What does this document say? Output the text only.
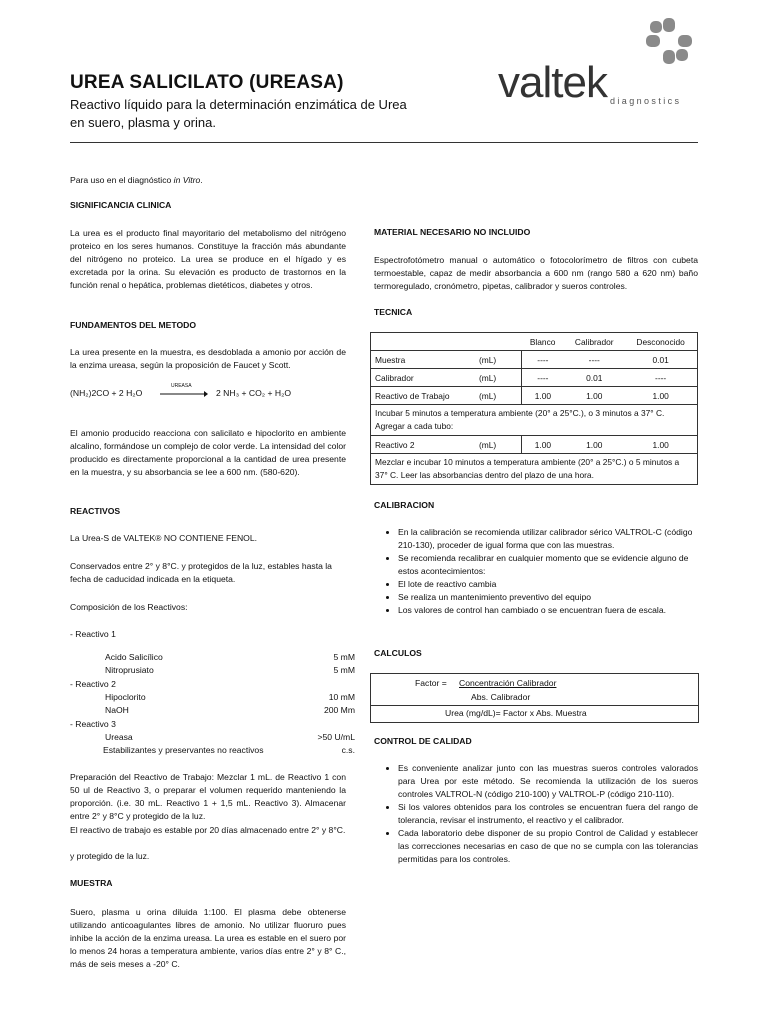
UREA SALICILATO (UREASA)
Reactivo líquido para la determinación enzimática de Urea
en suero, plasma y orina.
valtek diagnostics

Para uso en el diagnóstico in Vitro.

SIGNIFICANCIA CLINICA
La urea es el producto final mayoritario del metabolismo del nitrógeno proteico en los seres humanos. Constituye la fracción más abundante del nitrógeno no proteico. La urea se produce en el hígado y es excretada por la orina. Su elevación es producto de trastornos en la función renal o hepática, problemas dietéticos, diabetes y otros.
FUNDAMENTOS DEL METODO
La urea presente en la muestra, es desdoblada a amonio por acción de la enzima ureasa, según la proposición de Faucet y Scott.
(NH₂)2CO + 2 H₂O
UREASA
→ 2 NH₃ + CO₂ + H₂O
El amonio producido reacciona con salicilato e hipoclorito en ambiente alcalino, formándose un complejo de color verde. La intensidad del color producido es directamente proporcional a la cantidad de urea presente en la muestra, y su absorbancia se lee a 600 nm. (580-620).
REACTIVOS
La Urea-S de VALTEK® NO CONTIENE FENOL.
Conservados entre 2° y 8°C. y protegidos de la luz, estables hasta la fecha de caducidad indicada en la etiqueta.
Composición de los Reactivos:
- Reactivo 1
Acido Salicílico	5 mM
Nitroprusiato	5 mM
- Reactivo 2
Hipoclorito	10 mM
NaOH	200 Mm
- Reactivo 3
Ureasa	>50 U/mL
Estabilizantes y preservantes no reactivos	c.s.
Preparación del Reactivo de Trabajo: Mezclar 1 mL. de Reactivo 1 con 50 ul de Reactivo 3, o preparar el volumen requerido manteniendo la proporción. (i.e. 30 mL. Reactivo 1 + 1,5 mL. Reactivo 3). Almacenar entre 2° y 8°C y protegido de la luz.
El reactivo de trabajo es estable por 20 días almacenado entre 2° y 8°C.
y protegido de la luz.
MUESTRA
Suero, plasma u orina diluida 1:100. El plasma debe obtenerse utilizando anticoagulantes libres de amonio. No utilizar fluoruro pues inhibe la acción de la enzima ureasa. La urea es estable en el suero por lo menos 24 horas a temperatura ambiente, varios días entre 2° y 8° C., más de seis meses a -20° C.
MATERIAL NECESARIO NO INCLUIDO
Espectrofotómetro manual o automático o fotocolorímetro de filtros con cubeta termoestable, capaz de medir absorbancia a 600 nm (rango 580 a 620 nm) baño termoregulado, cronómetro, pipetas, calibrador y sueros controles.
TECNICA
		Blanco	Calibrador	Desconocido
Muestra	(mL)	----	----	0.01
Calibrador	(mL)	----	0.01	----
Reactivo de Trabajo	(mL)	1.00	1.00	1.00
Incubar 5 minutos a temperatura ambiente (20° a 25°C.), o 3 minutos a 37° C. Agregar a cada tubo:				
Reactivo 2	(mL)	1.00	1.00	1.00
Mezclar e incubar 10 minutos a temperatura ambiente (20° a 25°C.) o 5 minutos a 37° C. Leer las absorbancias dentro del plazo de una hora.				
CALIBRACION
• En la calibración se recomienda utilizar calibrador sérico VALTROL-C (código 210-130), proceder de igual forma que con las muestras.
• Se recomienda recalibrar en cualquier momento que se evidencie alguno de estos acontecimientos:
• El lote de reactivo cambia
• Se realiza un mantenimiento preventivo del equipo
• Los valores de control han cambiado o se encuentran fuera de escala.
CALCULOS
Factor = Concentración Calibrador
Abs. Calibrador
Urea (mg/dL)= Factor x Abs. Muestra
CONTROL DE CALIDAD
• Es conveniente analizar junto con las muestras sueros controles valorados para Urea por este método. Se recomienda la utilización de los sueros controles VALTROL-N (código 210-100) y VALTROL-P (código 210-110).
• Si los valores obtenidos para los controles se encuentran fuera del rango de tolerancia, revisar el instrumento, el reactivo y el calibrador.
• Cada laboratorio debe disponer de su propio Control de Calidad y establecer las correcciones necesarias en caso de que no se cumpla con las tolerancias permitidas para los controles.
